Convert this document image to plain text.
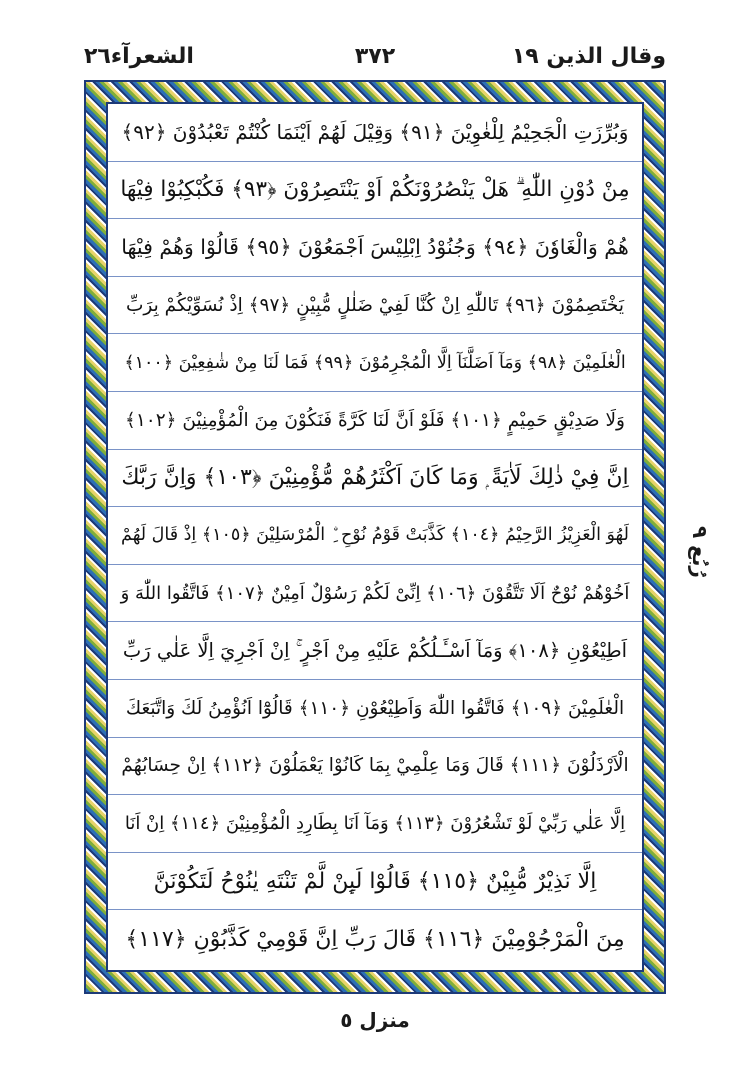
وقال الذين ١٩
٣٧٢
الشعرآء٢٦
وَبُرِّزَتِ الْجَحِيْمُ لِلْغٰوِيْنَ ﴿٩١﴾ وَقِيْلَ لَهُمْ اَيْنَمَا كُنْتُمْ تَعْبُدُوْنَ ﴿٩٢﴾
مِنْ دُوْنِ اللّٰهِ ۗ هَلْ يَنْصُرُوْنَكُمْ اَوْ يَنْتَصِرُوْنَ ﴿٩٣﴾ فَكُبْكِبُوْا فِيْهَا
هُمْ وَالْغَاوٗنَ ﴿٩٤﴾ وَجُنُوْدُ اِبْلِيْسَ اَجْمَعُوْنَ ﴿٩٥﴾ قَالُوْا وَهُمْ فِيْهَا
يَخْتَصِمُوْنَ ﴿٩٦﴾ تَاللّٰهِ اِنْ كُنَّا لَفِيْ ضَلٰلٍ مُّبِيْنٍ ﴿٩٧﴾ اِذْ نُسَوِّيْكُمْ بِرَبِّ
الْعٰلَمِيْنَ ﴿٩٨﴾ وَمَآ اَضَلَّنَآ اِلَّا الْمُجْرِمُوْنَ ﴿٩٩﴾ فَمَا لَنَا مِنْ شٰفِعِيْنَ ﴿١٠٠﴾
وَلَا صَدِيْقٍ حَمِيْمٍ ﴿١٠١﴾ فَلَوْ اَنَّ لَنَا كَرَّةً فَنَكُوْنَ مِنَ الْمُؤْمِنِيْنَ ﴿١٠٢﴾
اِنَّ فِيْ ذٰلِكَ لَاٰيَةً ۭ وَمَا كَانَ اَكْثَرُهُمْ مُّؤْمِنِيْنَ ﴿١٠٣﴾ وَاِنَّ رَبَّكَ
لَهُوَ الْعَزِيْزُ الرَّحِيْمُ ﴿١٠٤﴾ كَذَّبَتْ قَوْمُ نُوْحِ ِۨ الْمُرْسَلِيْنَ ﴿١٠٥﴾ اِذْ قَالَ لَهُمْ
اَخُوْهُمْ نُوْحٌ اَلَا تَتَّقُوْنَ ﴿١٠٦﴾ اِنِّىْ لَكُمْ رَسُوْلٌ اَمِيْنٌ ﴿١٠٧﴾ فَاتَّقُوا اللّٰهَ وَ
اَطِيْعُوْنِ ﴿١٠٨﴾ وَمَآ اَسْـَٔـلُكُمْ عَلَيْهِ مِنْ اَجْرٍ ۚ اِنْ اَجْرِيَ اِلَّا عَلٰي رَبِّ
الْعٰلَمِيْنَ ﴿١٠٩﴾ فَاتَّقُوا اللّٰهَ وَاَطِيْعُوْنِ ﴿١١٠﴾ قَالُوْٓا اَنُؤْمِنُ لَكَ وَاتَّبَعَكَ
الْاَرْذَلُوْنَ ﴿١١١﴾ قَالَ وَمَا عِلْمِيْ بِمَا كَانُوْا يَعْمَلُوْنَ ﴿١١٢﴾ اِنْ حِسَابُهُمْ
اِلَّا عَلٰي رَبِّيْ لَوْ تَشْعُرُوْنَ ﴿١١٣﴾ وَمَآ اَنَا بِطَارِدِ الْمُؤْمِنِيْنَ ﴿١١٤﴾ اِنْ اَنَا
اِلَّا نَذِيْرٌ مُّبِيْنٌ ﴿١١٥﴾ قَالُوْا لَىِٕنْ لَّمْ تَنْتَهِ يٰنُوْحُ لَتَكُوْنَنَّ
مِنَ الْمَرْجُوْمِيْنَ ﴿١١٦﴾ قَالَ رَبِّ اِنَّ قَوْمِيْ كَذَّبُوْنِ ﴿١١٧﴾
رُبُع ٩
منزل ٥
